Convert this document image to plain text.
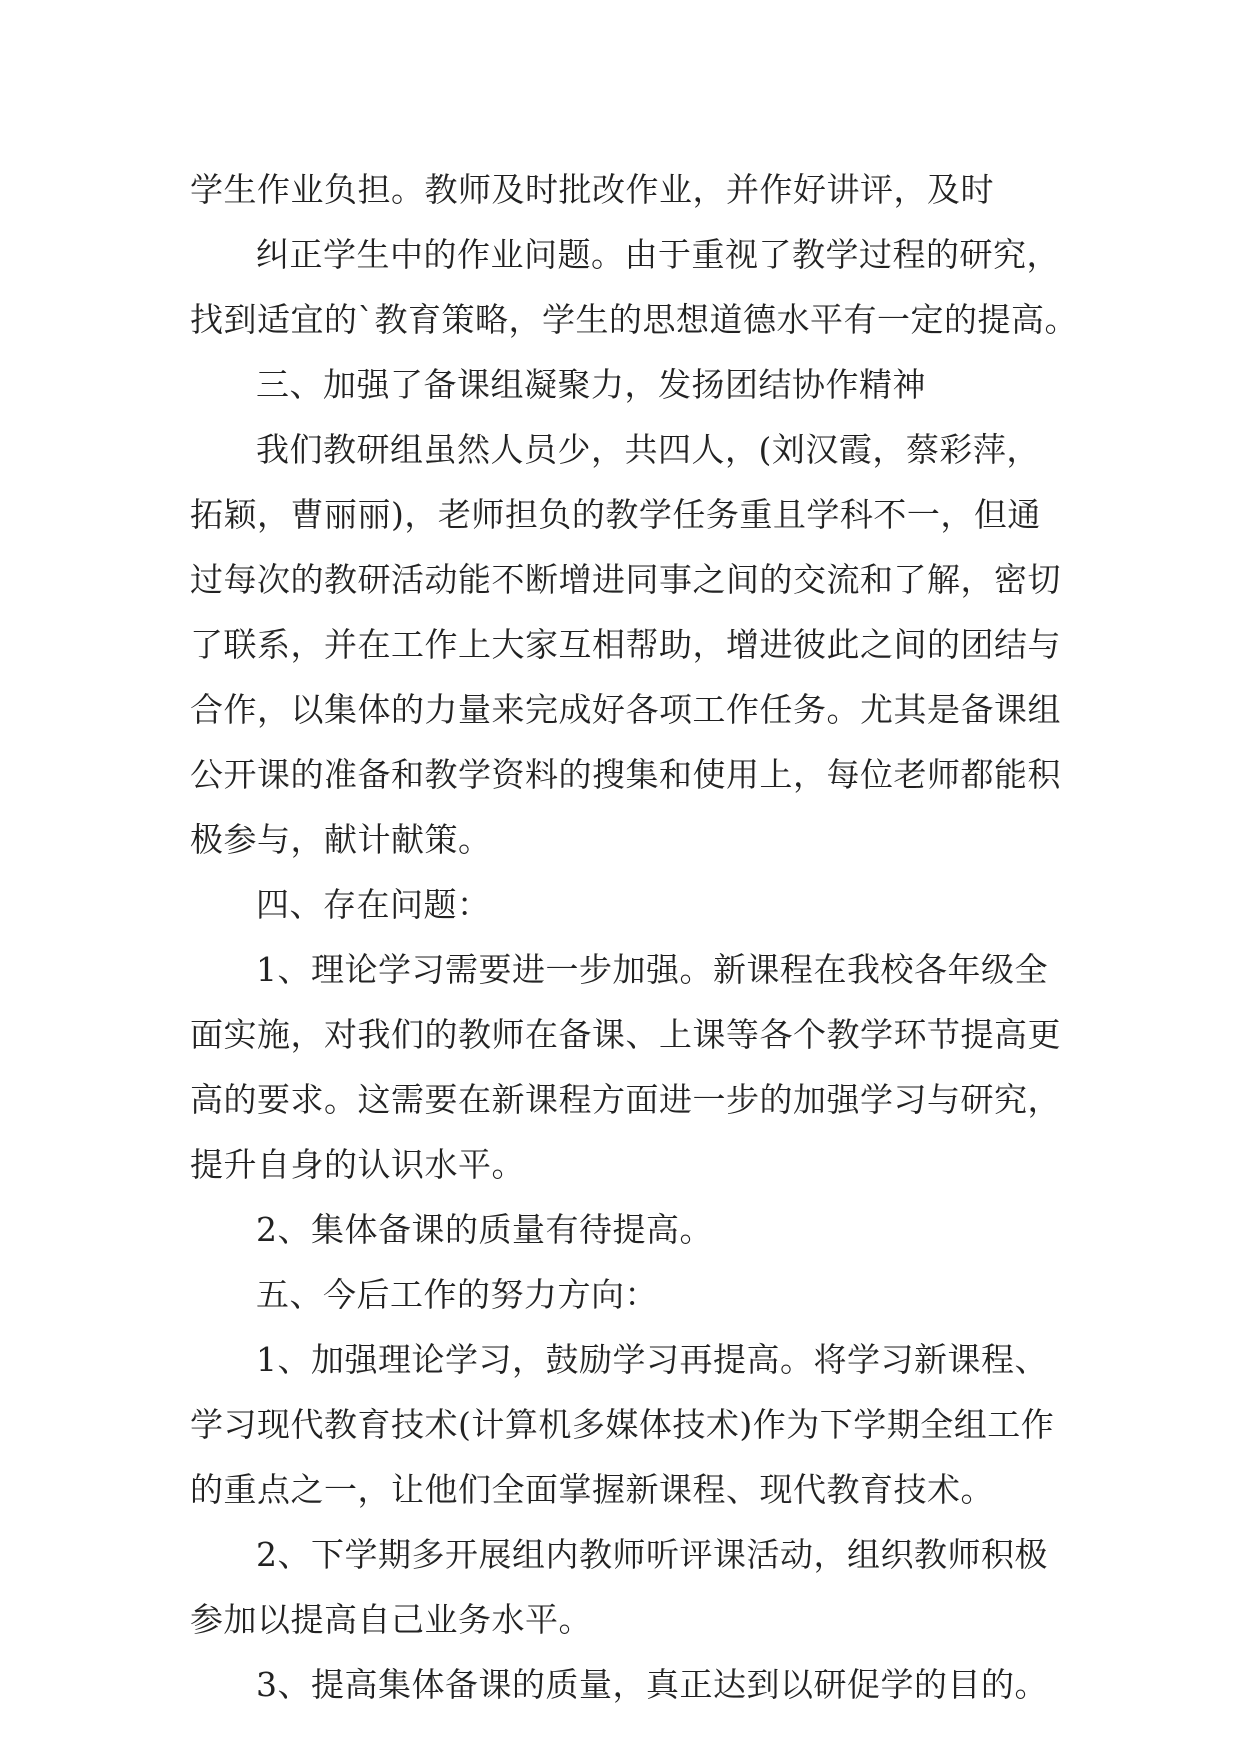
学生作业负担。教师及时批改作业，并作好讲评，及时
纠正学生中的作业问题。由于重视了教学过程的研究，
找到适宜的`教育策略，学生的思想道德水平有一定的提高。
三、加强了备课组凝聚力，发扬团结协作精神
我们教研组虽然人员少，共四人，(刘汉霞，蔡彩萍，
拓颖，曹丽丽)，老师担负的教学任务重且学科不一，但通
过每次的教研活动能不断增进同事之间的交流和了解，密切
了联系，并在工作上大家互相帮助，增进彼此之间的团结与
合作，以集体的力量来完成好各项工作任务。尤其是备课组
公开课的准备和教学资料的搜集和使用上，每位老师都能积
极参与，献计献策。
四、存在问题：
1、理论学习需要进一步加强。新课程在我校各年级全
面实施，对我们的教师在备课、上课等各个教学环节提高更
高的要求。这需要在新课程方面进一步的加强学习与研究，
提升自身的认识水平。
2、集体备课的质量有待提高。
五、今后工作的努力方向：
1、加强理论学习，鼓励学习再提高。将学习新课程、
学习现代教育技术(计算机多媒体技术)作为下学期全组工作
的重点之一，让他们全面掌握新课程、现代教育技术。
2、下学期多开展组内教师听评课活动，组织教师积极
参加以提高自己业务水平。
3、提高集体备课的质量，真正达到以研促学的目的。
